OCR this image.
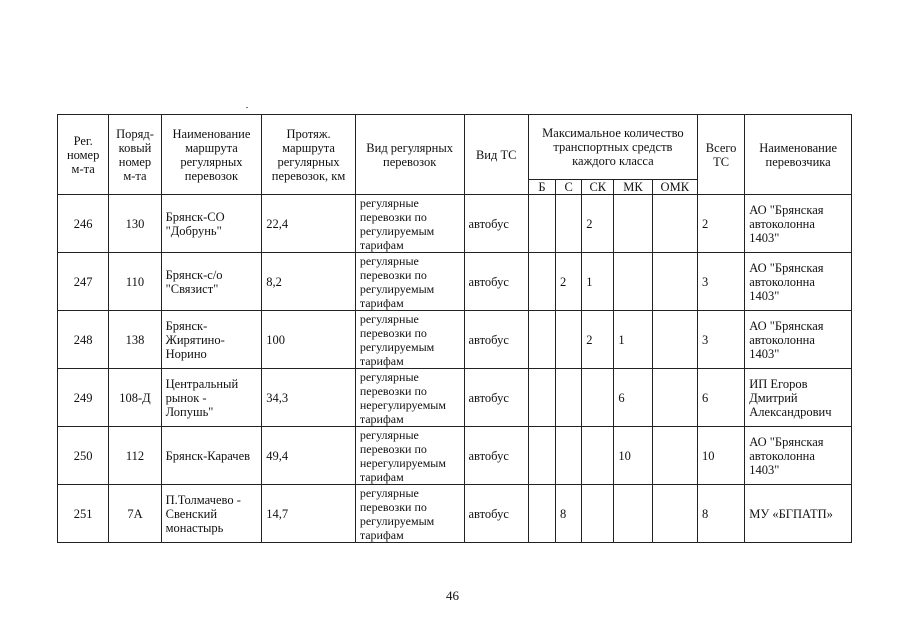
Рег.
номер
м-та	Поряд-
ковый
номер
м-та	Наименование
маршрута
регулярных
перевозок	Протяж.
маршрута
регулярных
перевозок, км	Вид регулярных
перевозок	Вид ТС	Максимальное количество
транспортных средств
каждого класса					Всего
ТС	Наименование
перевозчика
						Б	С	СК	МК	ОМК		
246	130	Брянск-СО
"Добрунь"	22,4	регулярные
перевозки по
регулируемым
тарифам	автобус			2			2	АО "Брянская
автоколонна
1403"
247	110	Брянск-с/о
"Связист"	8,2	регулярные
перевозки по
регулируемым
тарифам	автобус		2	1			3	АО "Брянская
автоколонна
1403"
248	138	Брянск-
Жирятино-
Норино	100	регулярные
перевозки по
регулируемым
тарифам	автобус			2	1		3	АО "Брянская
автоколонна
1403"
249	108-Д	Центральный
рынок -
Лопушь"	34,3	регулярные
перевозки по
нерегулируемым
тарифам	автобус				6		6	ИП Егоров
Дмитрий
Александрович
250	112	Брянск-Карачев	49,4	регулярные
перевозки по
нерегулируемым
тарифам	автобус				10		10	АО "Брянская
автоколонна
1403"
251	7А	П.Толмачево -
Свенский
монастырь	14,7	регулярные
перевозки по
регулируемым
тарифам	автобус		8				8	МУ «БГПАТП»
46
